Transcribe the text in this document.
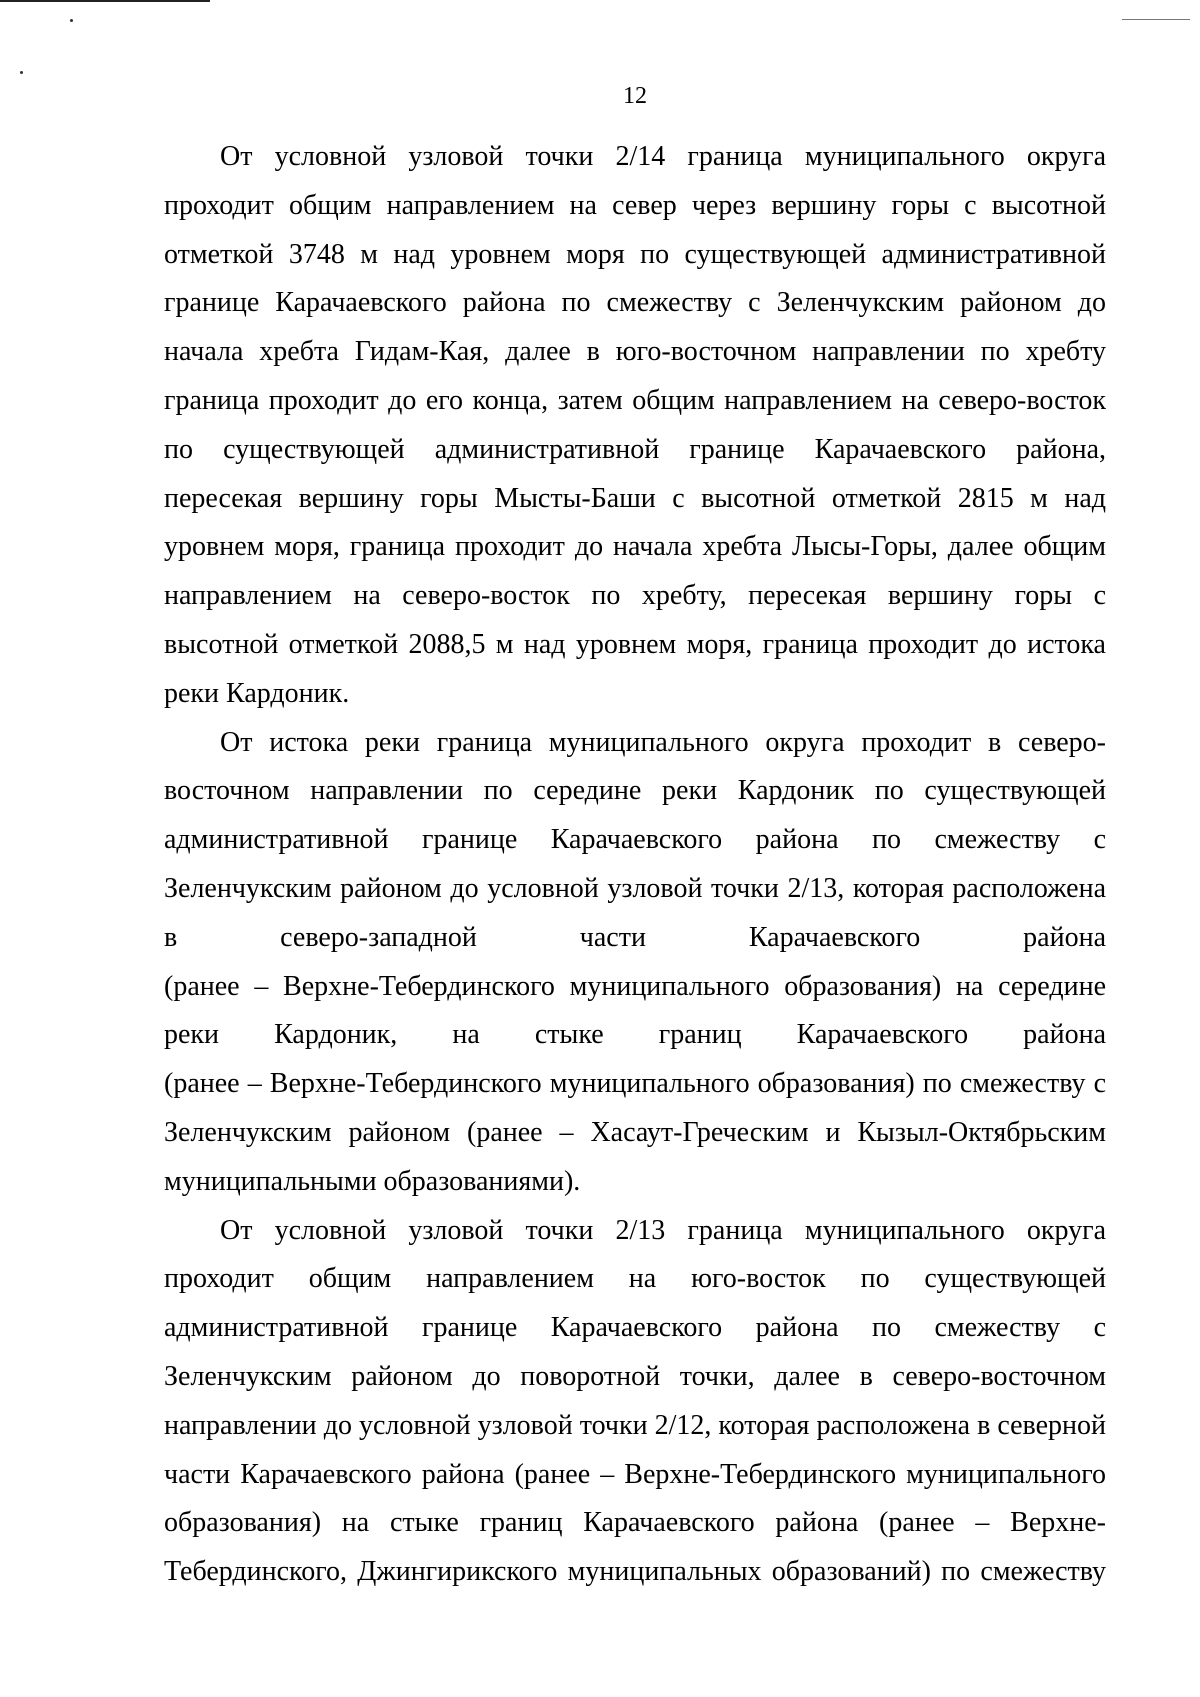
12
От условной узловой точки 2/14 граница муниципального округа
проходит общим направлением на север через вершину горы с высотной
отметкой 3748 м над уровнем моря по существующей административной
границе Карачаевского района по смежеству с Зеленчукским районом до
начала хребта Гидам-Кая, далее в юго-восточном направлении по хребту
граница проходит до его конца, затем общим направлением на северо-восток
по существующей административной границе Карачаевского района,
пересекая вершину горы Мысты-Баши с высотной отметкой 2815 м над
уровнем моря, граница проходит до начала хребта Лысы-Горы, далее общим
направлением на северо-восток по хребту, пересекая вершину горы с
высотной отметкой 2088,5 м над уровнем моря, граница проходит до истока
реки Кардоник.
От истока реки граница муниципального округа проходит в северо-
восточном направлении по середине реки Кардоник по существующей
административной границе Карачаевского района по смежеству с
Зеленчукским районом до условной узловой точки 2/13, которая расположена
в северо-западной части Карачаевского района
(ранее – Верхне-Тебердинского муниципального образования) на середине
реки Кардоник, на стыке границ Карачаевского района
(ранее – Верхне-Тебердинского муниципального образования) по смежеству с
Зеленчукским районом (ранее – Хасаут-Греческим и Кызыл-Октябрьским
муниципальными образованиями).
От условной узловой точки 2/13 граница муниципального округа
проходит общим направлением на юго-восток по существующей
административной границе Карачаевского района по смежеству с
Зеленчукским районом до поворотной точки, далее в северо-восточном
направлении до условной узловой точки 2/12, которая расположена в северной
части Карачаевского района (ранее – Верхне-Тебердинского муниципального
образования) на стыке границ Карачаевского района (ранее – Верхне-
Тебердинского, Джингирикского муниципальных образований) по смежеству
